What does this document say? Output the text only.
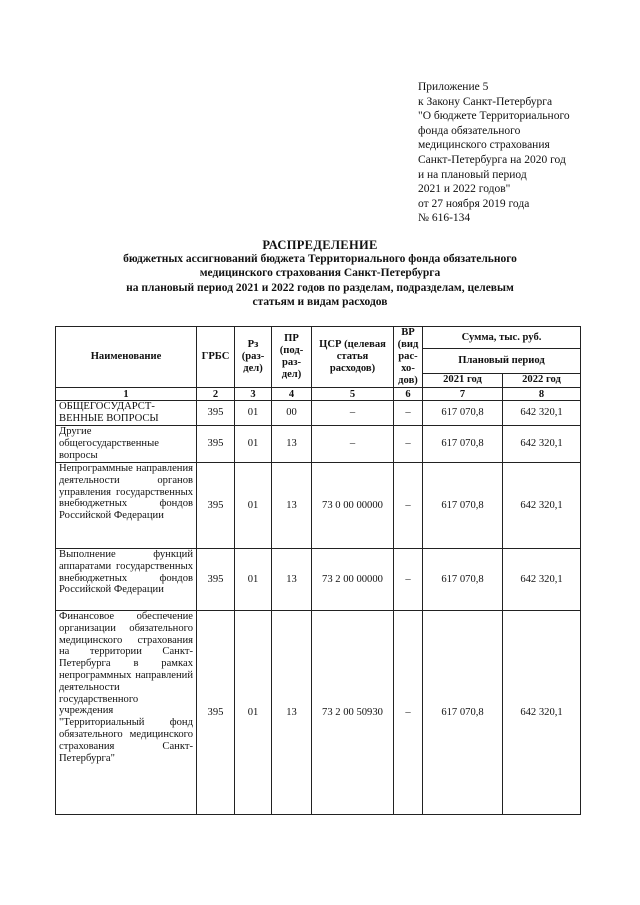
Приложение 5
к Закону Санкт-Петербурга
"О бюджете Территориального
фонда обязательного
медицинского страхования
Санкт-Петербурга на 2020 год
и на плановый период
2021 и 2022 годов"
от 27 ноября 2019 года
№ 616-134
РАСПРЕДЕЛЕНИЕ
бюджетных ассигнований бюджета Территориального фонда обязательного
медицинского страхования Санкт-Петербурга
на плановый период 2021 и 2022 годов по разделам, подразделам, целевым
статьям и видам расходов
Наименование	ГРБС	Рз (раз-дел)	ПР (под-раз-дел)	ЦСР (целевая статья расходов)	ВР (вид рас-хо-дов)	Сумма, тыс. руб.	
						Плановый период	
						2021 год	2022 год
1	2	3	4	5	6	7	8
ОБЩЕГОСУДАРСТ-ВЕННЫЕ ВОПРОСЫ	395	01	00	–	–	617 070,8	642 320,1
Другие общегосударственные вопросы	395	01	13	–	–	617 070,8	642 320,1
Непрограммные направления деятельности органов управления государственных внебюджетных фондов Российской Федерации	395	01	13	73 0 00 00000	–	617 070,8	642 320,1
Выполнение функций аппаратами государственных внебюджетных фондов Российской Федерации	395	01	13	73 2 00 00000	–	617 070,8	642 320,1
Финансовое обеспечение организации обязательного медицинского страхования на территории Санкт-Петербурга в рамках непрограммных направлений деятельности государственного учреждения "Территориальный фонд обязательного медицинского страхования Санкт-Петербурга"	395	01	13	73 2 00 50930	–	617 070,8	642 320,1
